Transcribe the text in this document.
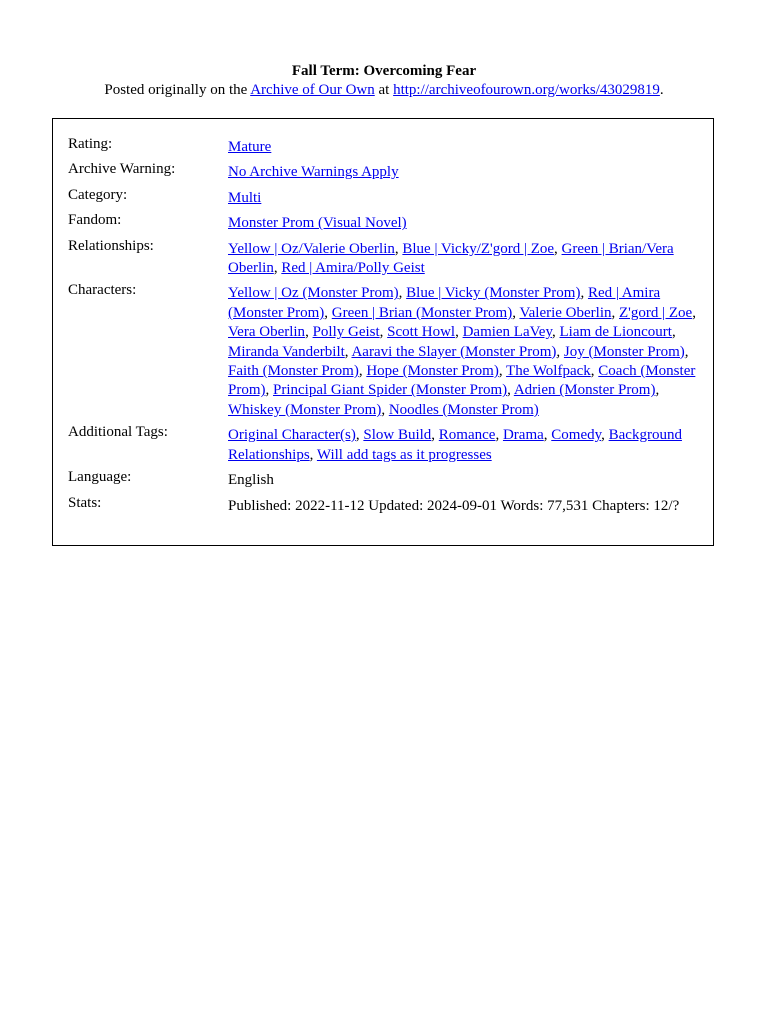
Fall Term: Overcoming Fear
Posted originally on the Archive of Our Own at http://archiveofourown.org/works/43029819.
Rating:	Mature
Archive Warning:	No Archive Warnings Apply
Category:	Multi
Fandom:	Monster Prom (Visual Novel)
Relationships:	Yellow | Oz/Valerie Oberlin, Blue | Vicky/Z'gord | Zoe, Green | Brian/Vera Oberlin, Red | Amira/Polly Geist
Characters:	Yellow | Oz (Monster Prom), Blue | Vicky (Monster Prom), Red | Amira (Monster Prom), Green | Brian (Monster Prom), Valerie Oberlin, Z'gord | Zoe, Vera Oberlin, Polly Geist, Scott Howl, Damien LaVey, Liam de Lioncourt, Miranda Vanderbilt, Aaravi the Slayer (Monster Prom), Joy (Monster Prom), Faith (Monster Prom), Hope (Monster Prom), The Wolfpack, Coach (Monster Prom), Principal Giant Spider (Monster Prom), Adrien (Monster Prom), Whiskey (Monster Prom), Noodles (Monster Prom)
Additional Tags:	Original Character(s), Slow Build, Romance, Drama, Comedy, Background Relationships, Will add tags as it progresses
Language:	English
Stats:	Published: 2022-11-12 Updated: 2024-09-01 Words: 77,531 Chapters: 12/?
